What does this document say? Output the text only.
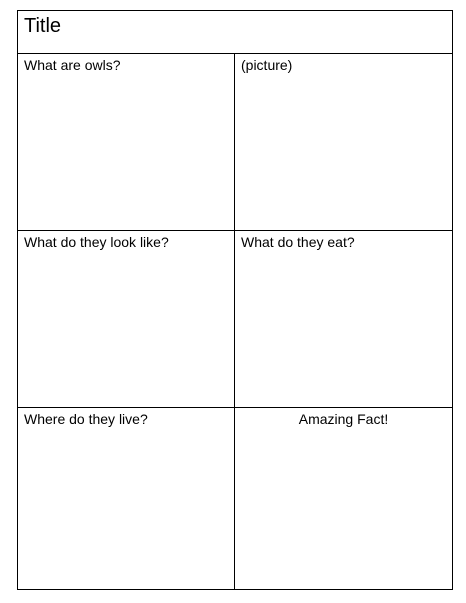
Title
What are owls?	(picture)
What do they look like?	What do they eat?
Where do they live?	Amazing Fact!
